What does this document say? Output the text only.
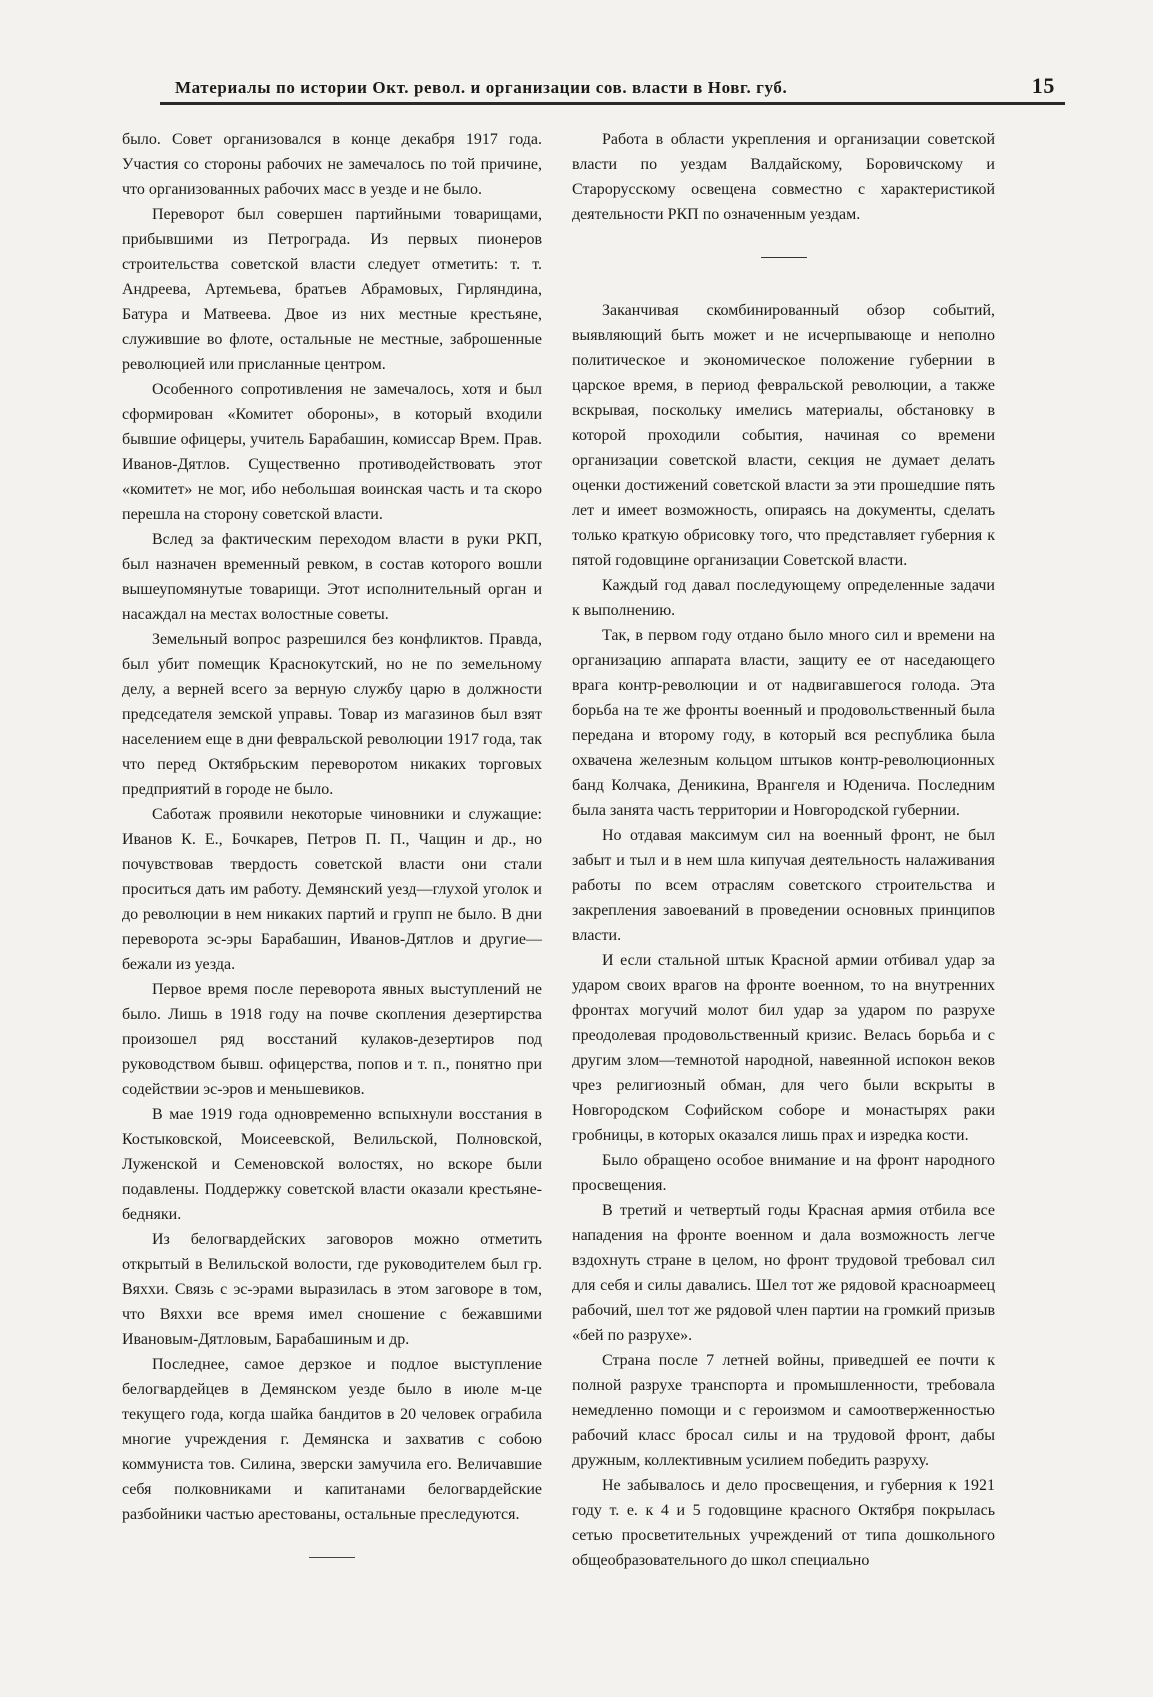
Материалы по истории Окт. револ. и организации сов. власти в Новг. губ.	15

было. Совет организовался в конце декабря 1917 года. Участия со стороны рабочих не замечалось по той причине, что организованных рабочих масс в уезде и не было.

Переворот был совершен партийными товарищами, прибывшими из Петрограда. Из первых пионеров строительства советской власти следует отметить: т. т. Андреева, Артемьева, братьев Абрамовых, Гирляндина, Батура и Матвеева. Двое из них местные крестьяне, служившие во флоте, остальные не местные, заброшенные революцией или присланные центром.

Особенного сопротивления не замечалось, хотя и был сформирован «Комитет обороны», в который входили бывшие офицеры, учитель Барабашин, комиссар Врем. Прав. Иванов-Дятлов. Существенно противодействовать этот «комитет» не мог, ибо небольшая воинская часть и та скоро перешла на сторону советской власти.

Вслед за фактическим переходом власти в руки РКП, был назначен временный ревком, в состав которого вошли вышеупомянутые товарищи. Этот исполнительный орган и насаждал на местах волостные советы.

Земельный вопрос разрешился без конфликтов. Правда, был убит помещик Краснокутский, но не по земельному делу, а верней всего за верную службу царю в должности председателя земской управы. Товар из магазинов был взят населением еще в дни февральской революции 1917 года, так что перед Октябрьским переворотом никаких торговых предприятий в городе не было.

Саботаж проявили некоторые чиновники и служащие: Иванов К. Е., Бочкарев, Петров П. П., Чащин и др., но почувствовав твердость советской власти они стали проситься дать им работу. Демянский уезд—глухой уголок и до революции в нем никаких партий и групп не было. В дни переворота эс-эры Барабашин, Иванов-Дятлов и другие—бежали из уезда.

Первое время после переворота явных выступлений не было. Лишь в 1918 году на почве скопления дезертирства произошел ряд восстаний кулаков-дезертиров под руководством бывш. офицерства, попов и т. п., понятно при содействии эс-эров и меньшевиков.

В мае 1919 года одновременно вспыхнули восстания в Костыковской, Моисеевской, Велильской, Полновской, Луженской и Семеновской волостях, но вскоре были подавлены. Поддержку советской власти оказали крестьяне-бедняки.

Из белогвардейских заговоров можно отметить открытый в Велильской волости, где руководителем был гр. Вяххи. Связь с эс-эрами выразилась в этом заговоре в том, что Вяххи все время имел сношение с бежавшими Ивановым-Дятловым, Барабашиным и др.

Последнее, самое дерзкое и подлое выступление белогвардейцев в Демянском уезде было в июле м-це текущего года, когда шайка бандитов в 20 человек ограбила многие учреждения г. Демянска и захватив с собою коммуниста тов. Силина, зверски замучила его. Величавшие себя полковниками и капитанами белогвардейские разбойники частью арестованы, остальные преследуются.

Работа в области укрепления и организации советской власти по уездам Валдайскому, Боровичскому и Старорусскому освещена совместно с характеристикой деятельности РКП по означенным уездам.

Заканчивая скомбинированный обзор событий, выявляющий быть может и не исчерпывающе и неполно политическое и экономическое положение губернии в царское время, в период февральской революции, а также вскрывая, поскольку имелись материалы, обстановку в которой проходили события, начиная со времени организации советской власти, секция не думает делать оценки достижений советской власти за эти прошедшие пять лет и имеет возможность, опираясь на документы, сделать только краткую обрисовку того, что представляет губерния к пятой годовщине организации Советской власти.

Каждый год давал последующему определенные задачи к выполнению.

Так, в первом году отдано было много сил и времени на организацию аппарата власти, защиту ее от наседающего врага контр-революции и от надвигавшегося голода. Эта борьба на те же фронты военный и продовольственный была передана и второму году, в который вся республика была охвачена железным кольцом штыков контр-революционных банд Колчака, Деникина, Врангеля и Юденича. Последним была занята часть территории и Новгородской губернии.

Но отдавая максимум сил на военный фронт, не был забыт и тыл и в нем шла кипучая деятельность налаживания работы по всем отраслям советского строительства и закрепления завоеваний в проведении основных принципов власти.

И если стальной штык Красной армии отбивал удар за ударом своих врагов на фронте военном, то на внутренних фронтах могучий молот бил удар за ударом по разрухе преодолевая продовольственный кризис. Велась борьба и с другим злом—темнотой народной, навеянной испокон веков чрез религиозный обман, для чего были вскрыты в Новгородском Софийском соборе и монастырях раки гробницы, в которых оказался лишь прах и изредка кости.

Было обращено особое внимание и на фронт народного просвещения.

В третий и четвертый годы Красная армия отбила все нападения на фронте военном и дала возможность легче вздохнуть стране в целом, но фронт трудовой требовал сил для себя и силы давались. Шел тот же рядовой красноармеец рабочий, шел тот же рядовой член партии на громкий призыв «бей по разрухе».

Страна после 7 летней войны, приведшей ее почти к полной разрухе транспорта и промышленности, требовала немедленно помощи и с героизмом и самоотверженностью рабочий класс бросал силы и на трудовой фронт, дабы дружным, коллективным усилием победить разруху.

Не забывалось и дело просвещения, и губерния к 1921 году т. е. к 4 и 5 годовщине красного Октября покрылась сетью просветительных учреждений от типа дошкольного общеобразовательного до школ специально
